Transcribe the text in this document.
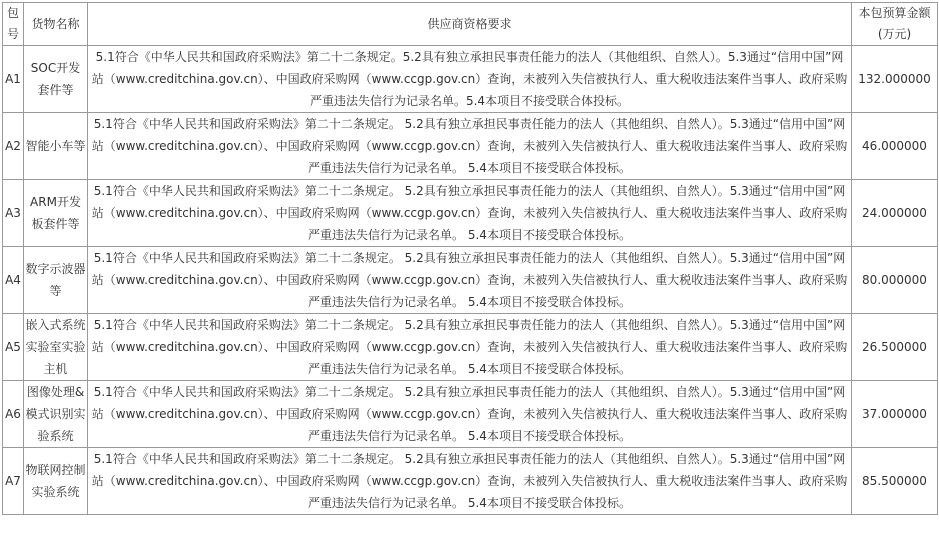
包号	货物名称	供应商资格要求	本包预算金额(万元)
A1	SOC开发套件等	5.1符合《中华人民共和国政府采购法》第二十二条规定。5.2具有独立承担民事责任能力的法人（其他组织、自然人）。5.3通过“信用中国”网站（www.creditchina.gov.cn）、中国政府采购网（www.ccgp.gov.cn）查询，未被列入失信被执行人、重大税收违法案件当事人、政府采购严重违法失信行为记录名单。5.4本项目不接受联合体投标。	132.000000
A2	智能小车等	5.1符合《中华人民共和国政府采购法》第二十二条规定。 5.2具有独立承担民事责任能力的法人（其他组织、自然人）。5.3通过“信用中国”网站（www.creditchina.gov.cn）、中国政府采购网（www.ccgp.gov.cn）查询，未被列入失信被执行人、重大税收违法案件当事人、政府采购严重违法失信行为记录名单。 5.4本项目不接受联合体投标。	46.000000
A3	ARM开发板套件等	5.1符合《中华人民共和国政府采购法》第二十二条规定。 5.2具有独立承担民事责任能力的法人（其他组织、自然人）。5.3通过“信用中国”网站（www.creditchina.gov.cn）、中国政府采购网（www.ccgp.gov.cn）查询，未被列入失信被执行人、重大税收违法案件当事人、政府采购严重违法失信行为记录名单。 5.4本项目不接受联合体投标。	24.000000
A4	数字示波器等	5.1符合《中华人民共和国政府采购法》第二十二条规定。 5.2具有独立承担民事责任能力的法人（其他组织、自然人）。5.3通过“信用中国”网站（www.creditchina.gov.cn）、中国政府采购网（www.ccgp.gov.cn）查询，未被列入失信被执行人、重大税收违法案件当事人、政府采购严重违法失信行为记录名单。 5.4本项目不接受联合体投标。	80.000000
A5	嵌入式系统实验室实验主机	5.1符合《中华人民共和国政府采购法》第二十二条规定。 5.2具有独立承担民事责任能力的法人（其他组织、自然人）。5.3通过“信用中国”网站（www.creditchina.gov.cn）、中国政府采购网（www.ccgp.gov.cn）查询，未被列入失信被执行人、重大税收违法案件当事人、政府采购严重违法失信行为记录名单。 5.4本项目不接受联合体投标。	26.500000
A6	图像处理&模式识别实验系统	5.1符合《中华人民共和国政府采购法》第二十二条规定。 5.2具有独立承担民事责任能力的法人（其他组织、自然人）。5.3通过“信用中国”网站（www.creditchina.gov.cn）、中国政府采购网（www.ccgp.gov.cn）查询，未被列入失信被执行人、重大税收违法案件当事人、政府采购严重违法失信行为记录名单。 5.4本项目不接受联合体投标。	37.000000
A7	物联网控制实验系统	5.1符合《中华人民共和国政府采购法》第二十二条规定。 5.2具有独立承担民事责任能力的法人（其他组织、自然人）。5.3通过“信用中国”网站（www.creditchina.gov.cn）、中国政府采购网（www.ccgp.gov.cn）查询，未被列入失信被执行人、重大税收违法案件当事人、政府采购严重违法失信行为记录名单。 5.4本项目不接受联合体投标。	85.500000
